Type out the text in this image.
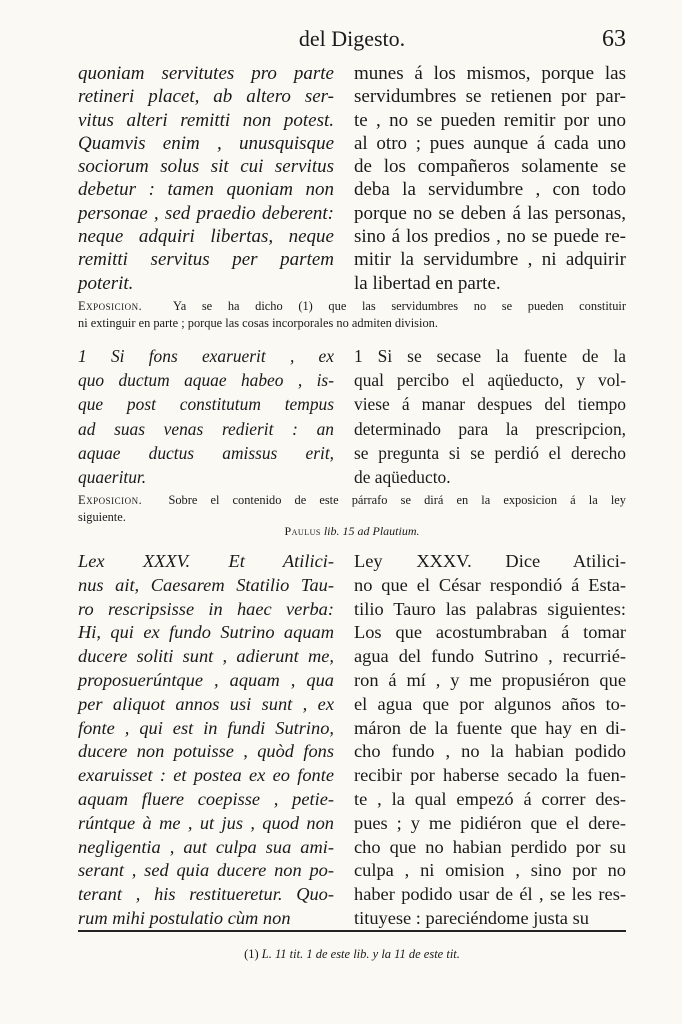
del Digesto.	63
quoniam servitutes pro parte
retineri placet, ab altero ser-
vitus alteri remitti non potest.
Quamvis enim , unusquisque
sociorum solus sit cui servitus
debetur : tamen quoniam non
personae , sed praedio deberent:
neque adquiri libertas, neque
remitti servitus per partem
poterit.
munes á los mismos, porque las
servidumbres se retienen por par-
te , no se pueden remitir por uno
al otro ; pues aunque á cada uno
de los compañeros solamente se
deba la servidumbre , con todo
porque no se deben á las personas,
sino á los predios , no se puede re-
mitir la servidumbre , ni adquirir
la libertad en parte.
Exposicion. Ya se ha dicho (1) que las servidumbres no se pueden constituir
ni extinguir en parte ; porque las cosas incorporales no admiten division.
1 Si fons exaruerit , ex
quo ductum aquae habeo , is-
que post constitutum tempus
ad suas venas redierit : an
aquae ductus amissus erit,
quaeritur.
1 Si se secase la fuente de la
qual percibo el aqüeducto, y vol-
viese á manar despues del tiempo
determinado para la prescripcion,
se pregunta si se perdió el derecho
de aqüeducto.
Exposicion. Sobre el contenido de este párrafo se dirá en la exposicion á la ley
siguiente.
Paulus lib. 15 ad Plautium.
Lex XXXV. Et Atilici-
nus ait, Caesarem Statilio Tau-
ro rescripsisse in haec verba:
Hi, qui ex fundo Sutrino aquam
ducere soliti sunt , adierunt me,
proposuerúntque , aquam , qua
per aliquot annos usi sunt , ex
fonte , qui est in fundi Sutrino,
ducere non potuisse , quòd fons
exaruisset : et postea ex eo fonte
aquam fluere coepisse , petie-
rúntque à me , ut jus , quod non
negligentia , aut culpa sua ami-
serant , sed quia ducere non po-
terant , his restitueretur. Quo-
rum mihi postulatio cùm non
Ley XXXV. Dice Atilici-
no que el César respondió á Esta-
tilio Tauro las palabras siguientes:
Los que acostumbraban á tomar
agua del fundo Sutrino , recurrié-
ron á mí , y me propusiéron que
el agua que por algunos años to-
máron de la fuente que hay en di-
cho fundo , no la habian podido
recibir por haberse secado la fuen-
te , la qual empezó á correr des-
pues ; y me pidiéron que el dere-
cho que no habian perdido por su
culpa , ni omision , sino por no
haber podido usar de él , se les res-
tituyese : pareciéndome justa su
(1) L. 11 tit. 1 de este lib. y la 11 de este tit.
